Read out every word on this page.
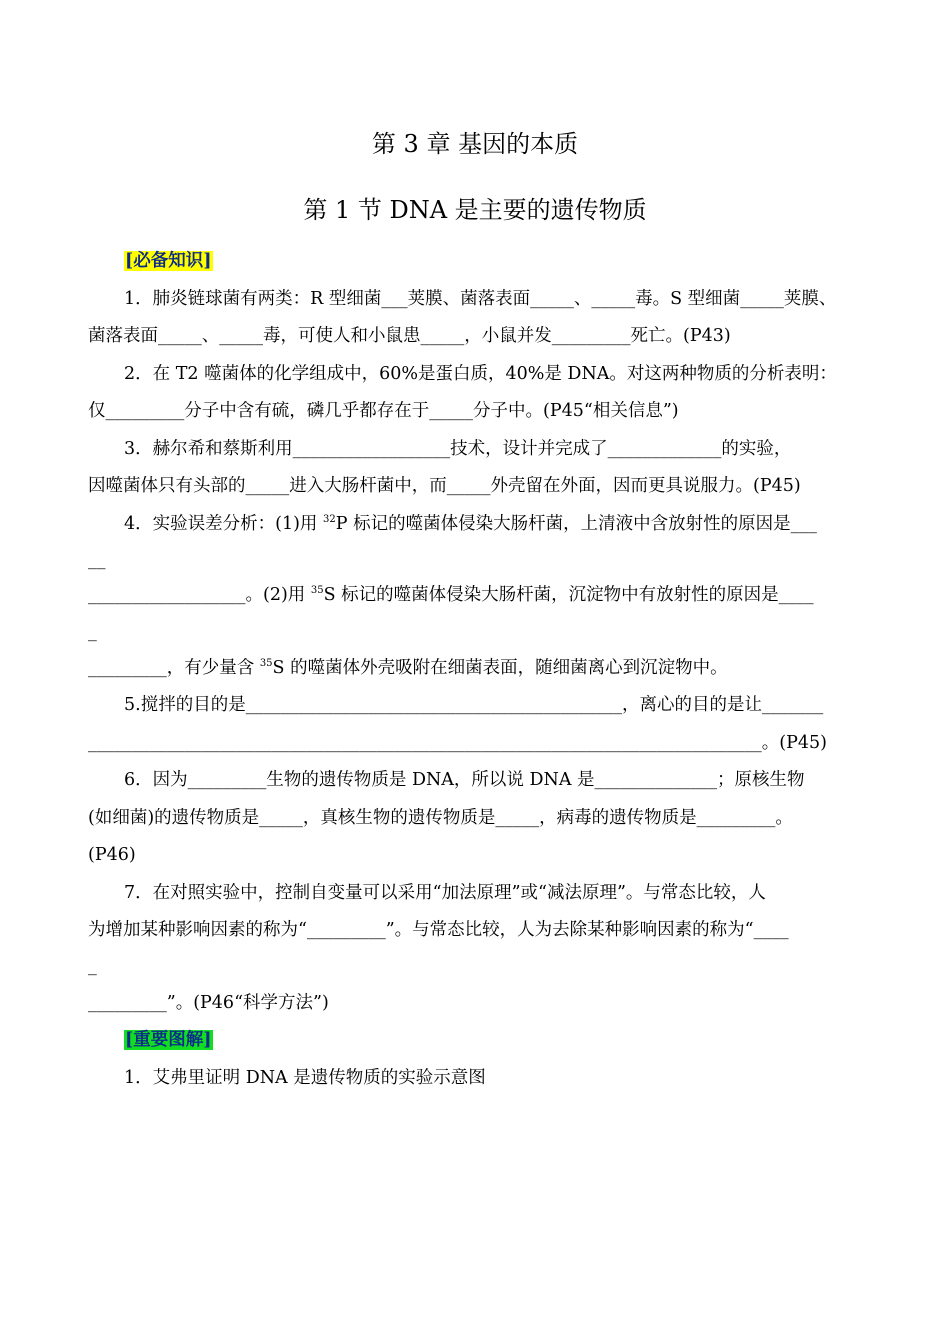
第 3 章 基因的本质
第 1 节 DNA 是主要的遗传物质
[必备知识]
1．肺炎链球菌有两类：R 型细菌___荚膜、菌落表面_____、_____毒。S 型细菌_____荚膜、
菌落表面_____、_____毒，可使人和小鼠患_____，小鼠并发_________死亡。(P43)
2．在 T2 噬菌体的化学组成中，60%是蛋白质，40%是 DNA。对这两种物质的分析表明：
仅_________分子中含有硫，磷几乎都存在于_____分子中。(P45“相关信息”)
3．赫尔希和蔡斯利用__________________技术，设计并完成了_____________的实验，
因噬菌体只有头部的_____进入大肠杆菌中，而_____外壳留在外面，因而更具说服力。(P45)
4．实验误差分析：(1)用 $^{32}$P 标记的噬菌体侵染大肠杆菌，上清液中含放射性的原因是___
__
__________________。(2)用 $^{35}$S 标记的噬菌体侵染大肠杆菌，沉淀物中有放射性的原因是____
_
_________，有少量含 $^{35}$S 的噬菌体外壳吸附在细菌表面，随细菌离心到沉淀物中。
5.搅拌的目的是___________________________________________，离心的目的是让_______
_____________________________________________________________________________。(P45)
6．因为_________生物的遗传物质是 DNA，所以说 DNA 是______________；原核生物
(如细菌)的遗传物质是_____，真核生物的遗传物质是_____，病毒的遗传物质是_________。
(P46)
7．在对照实验中，控制自变量可以采用“加法原理”或“减法原理”。与常态比较，人
为增加某种影响因素的称为“_________”。与常态比较，人为去除某种影响因素的称为“____
_
_________”。(P46“科学方法”)
[重要图解]
1．艾弗里证明 DNA 是遗传物质的实验示意图
